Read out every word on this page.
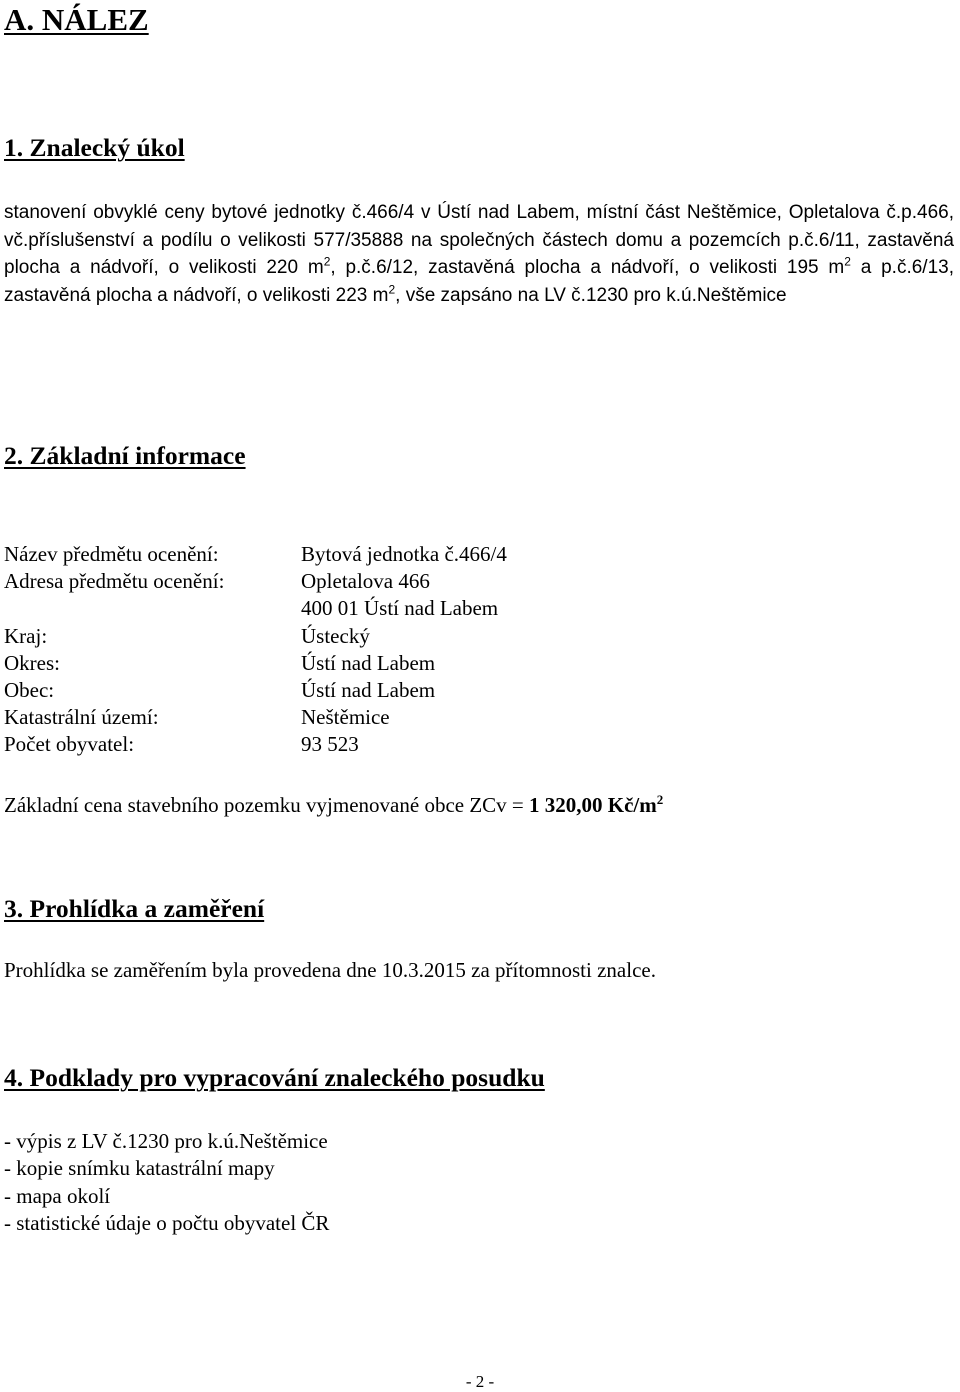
A. NÁLEZ
1. Znalecký úkol

stanovení obvyklé ceny bytové jednotky č.466/4 v Ústí nad Labem, místní část Neštěmice, Opletalova č.p.466, vč.příslušenství a podílu o velikosti 577/35888 na společných částech domu a pozemcích p.č.6/11, zastavěná plocha a nádvoří, o velikosti 220 $m^2$, p.č.6/12, zastavěná plocha a nádvoří, o velikosti 195 $m^2$ a p.č.6/13, zastavěná plocha a nádvoří, o velikosti 223 $m^2$, vše zapsáno na LV č.1230 pro k.ú.Neštěmice

2. Základní informace
Název předmětu ocenění:	Bytová jednotka č.466/4
Adresa předmětu ocenění:	Opletalova 466
400 01 Ústí nad Labem
Kraj:	Ústecký
Okres:	Ústí nad Labem
Obec:	Ústí nad Labem
Katastrální území:	Neštěmice
Počet obyvatel:	93 523
Základní cena stavebního pozemku vyjmenované obce ZCv = 1 320,00 $Kč/m^2$
3. Prohlídka a zaměření

Prohlídka se zaměřením byla provedena dne 10.3.2015 za přítomnosti znalce.

4. Podklady pro vypracování znaleckého posudku
- výpis z LV č.1230 pro k.ú.Neštěmice
- kopie snímku katastrální mapy
- mapa okolí
- statistické údaje o počtu obyvatel ČR
- 2 -
